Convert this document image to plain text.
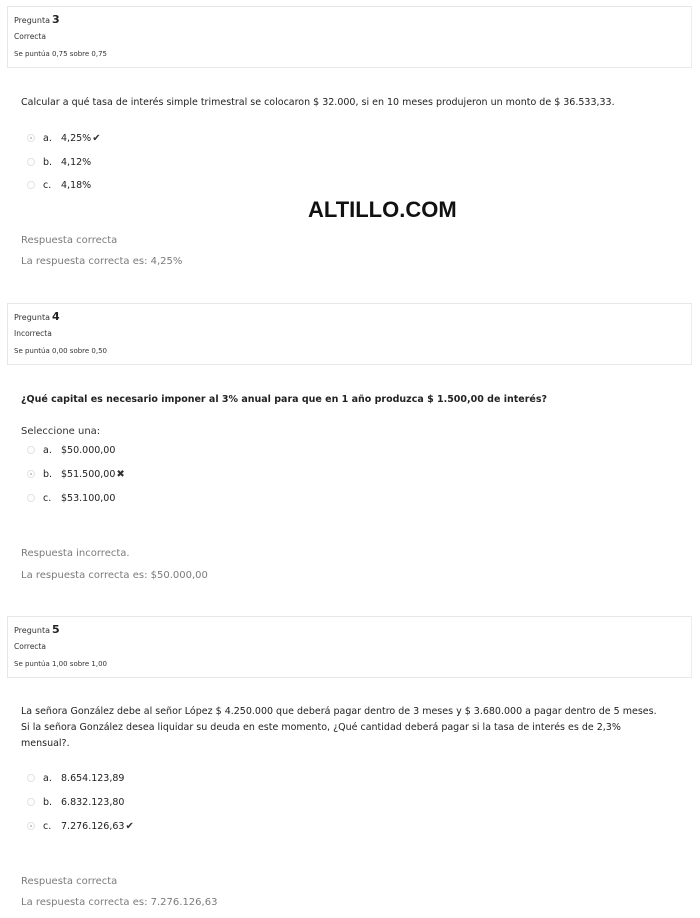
Pregunta 3
Correcta
Se puntúa 0,75 sobre 0,75
Calcular a qué tasa de interés simple trimestral se colocaron $ 32.000, si en 10 meses produjeron un monto de $ 36.533,33.
a. 4,25% ✔
b. 4,12%
c.	4,18%
ALTILLO.COM
Respuesta correcta
La respuesta correcta es: 4,25%
Pregunta 4
Incorrecta
Se puntúa 0,00 sobre 0,50
¿Qué capital es necesario imponer al 3% anual para que en 1 año produzca $ 1.500,00 de interés?
Seleccione una:
a. $50.000,00
b. $51.500,00 ✖
c.	$53.100,00
Respuesta incorrecta.
La respuesta correcta es: $50.000,00
Pregunta 5
Correcta
Se puntúa 1,00 sobre 1,00
La señora González debe al señor López $ 4.250.000 que deberá pagar dentro de 3 meses y $ 3.680.000 a pagar dentro de 5 meses. Si la señora González desea liquidar su deuda en este momento, ¿Qué cantidad deberá pagar si la tasa de interés es de 2,3% mensual?.
a. 8.654.123,89
b. 6.832.123,80
c.	7.276.126,63 ✔
Respuesta correcta
La respuesta correcta es: 7.276.126,63
